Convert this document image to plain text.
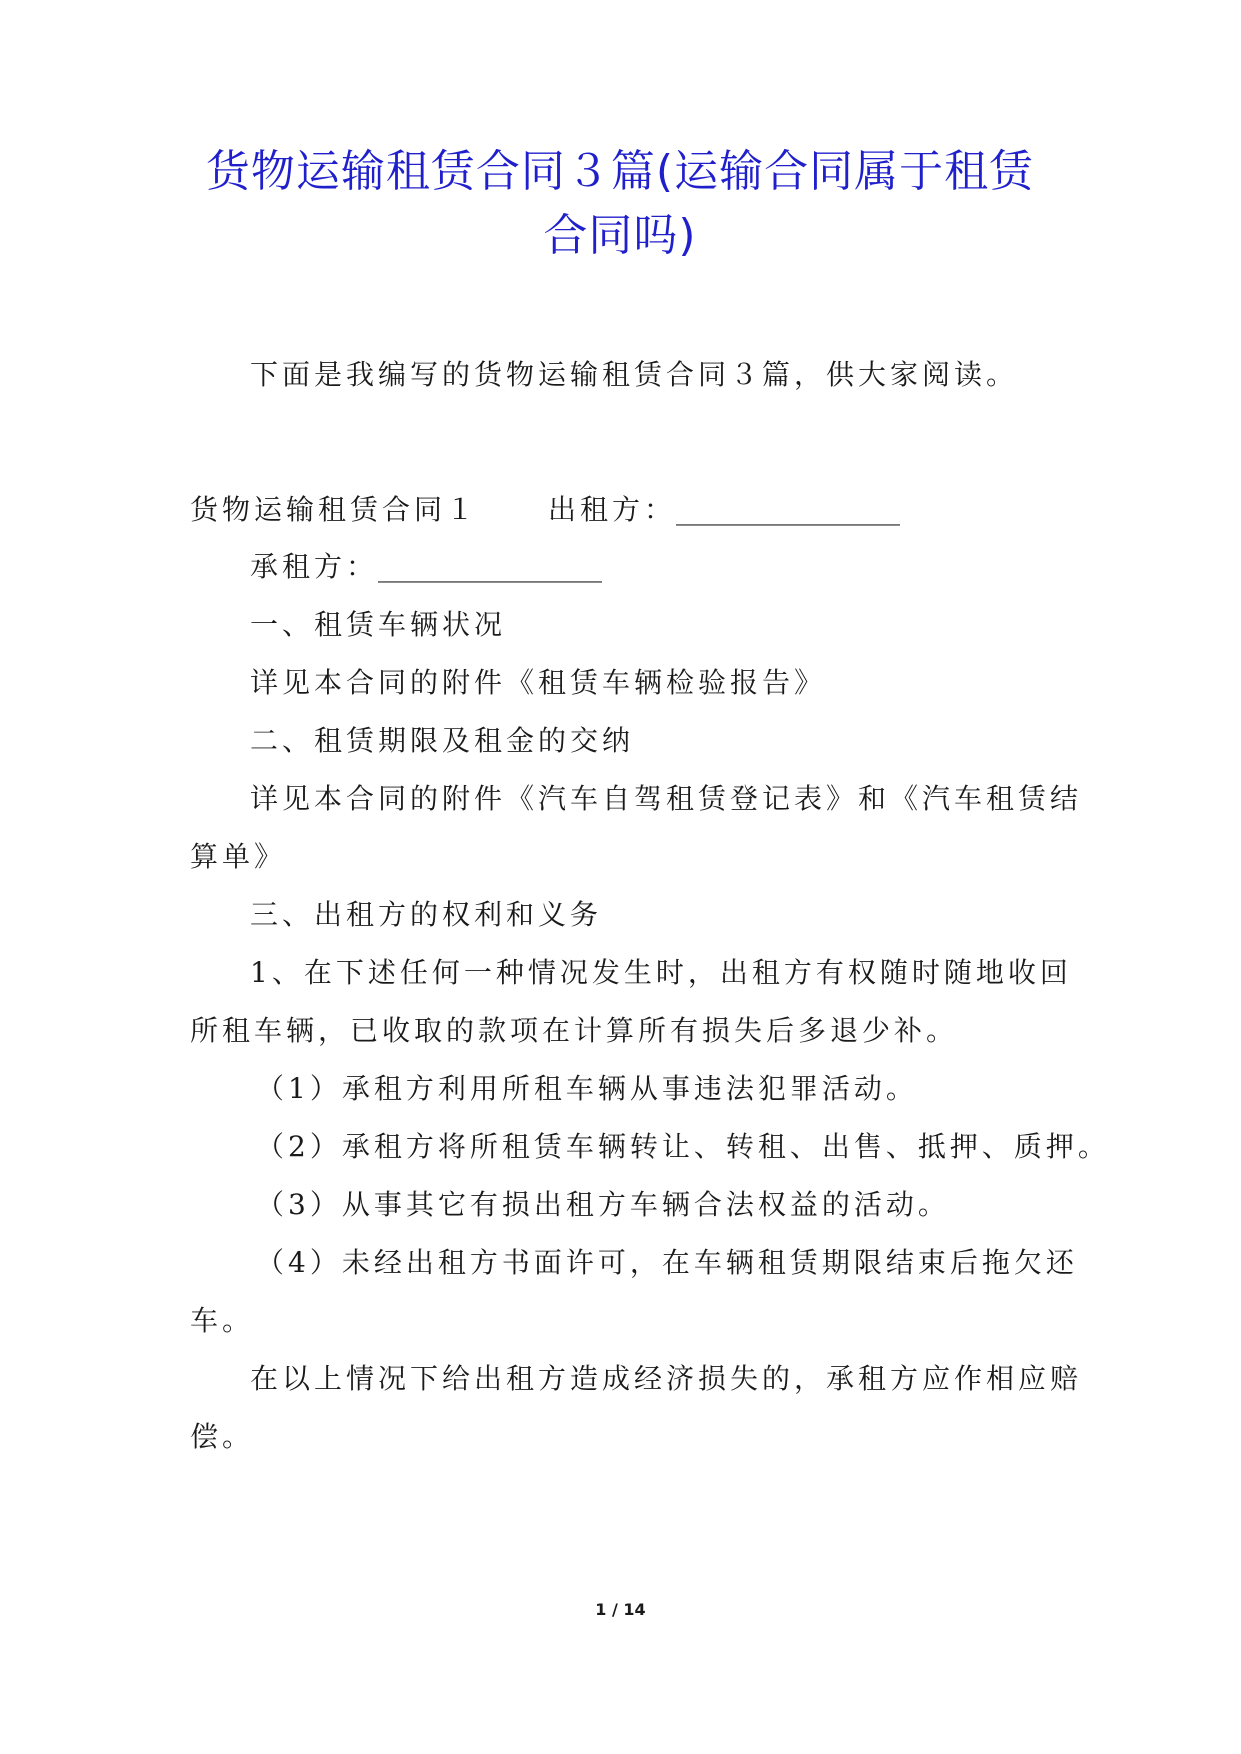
货物运输租赁合同３篇(运输合同属于租赁
合同吗)
下面是我编写的货物运输租赁合同３篇，供大家阅读。
货物运输租赁合同１	出租方：________________
承租方：________________
一、租赁车辆状况
详见本合同的附件《租赁车辆检验报告》
二、租赁期限及租金的交纳
详见本合同的附件《汽车自驾租赁登记表》和《汽车租赁结
算单》
三、出租方的权利和义务
1、在下述任何一种情况发生时，出租方有权随时随地收回
所租车辆，已收取的款项在计算所有损失后多退少补。
（1）承租方利用所租车辆从事违法犯罪活动。
（2）承租方将所租赁车辆转让、转租、出售、抵押、质押。
（3）从事其它有损出租方车辆合法权益的活动。
（4）未经出租方书面许可，在车辆租赁期限结束后拖欠还
车。
在以上情况下给出租方造成经济损失的，承租方应作相应赔
偿。
1 / 14
